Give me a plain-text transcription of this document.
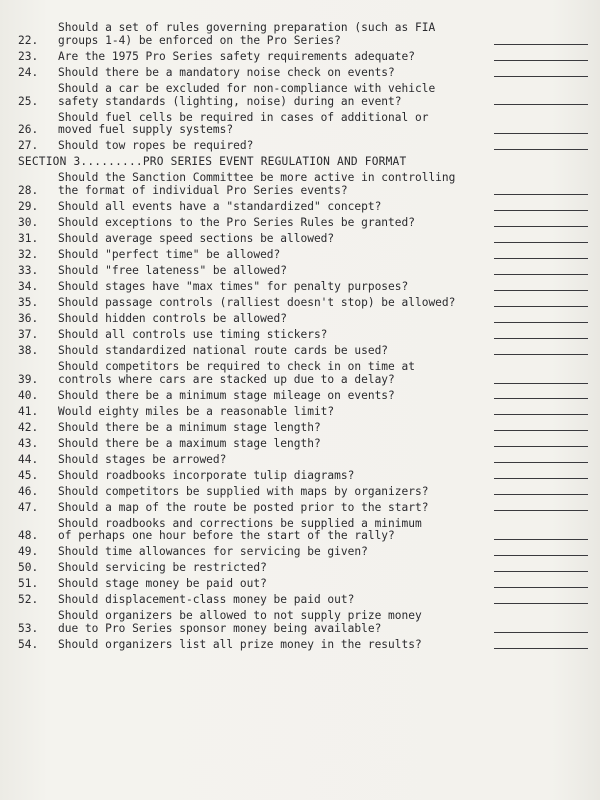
22.
Should a set of rules governing preparation (such as FIA
groups 1-4) be enforced on the Pro Series?
23.	Are the 1975 Pro Series safety requirements adequate?
24.	Should there be a mandatory noise check on events?
25.
Should a car be excluded for non-compliance with vehicle
safety standards (lighting, noise) during an event?
26.
Should fuel cells be required in cases of additional or
moved fuel supply systems?
27.	Should tow ropes be required?
SECTION 3.........PRO SERIES EVENT REGULATION AND FORMAT
28.
Should the Sanction Committee be more active in controlling
the format of individual Pro Series events?
29.	Should all events have a "standardized" concept?
30.	Should exceptions to the Pro Series Rules be granted?
31.	Should average speed sections be allowed?
32.	Should "perfect time" be allowed?
33.	Should "free lateness" be allowed?
34.	Should stages have "max times" for penalty purposes?
35.	Should passage controls (ralliest doesn't stop) be allowed?
36.	Should hidden controls be allowed?
37.	Should all controls use timing stickers?
38.	Should standardized national route cards be used?
39.
Should competitors be required to check in on time at
controls where cars are stacked up due to a delay?
40.	Should there be a minimum stage mileage on events?
41.	Would eighty miles be a reasonable limit?
42.	Should there be a minimum stage length?
43.	Should there be a maximum stage length?
44.	Should stages be arrowed?
45.	Should roadbooks incorporate tulip diagrams?
46.	Should competitors be supplied with maps by organizers?
47.	Should a map of the route be posted prior to the start?
48.
Should roadbooks and corrections be supplied a minimum
of perhaps one hour before the start of the rally?
49.	Should time allowances for servicing be given?
50.	Should servicing be restricted?
51.	Should stage money be paid out?
52.	Should displacement-class money be paid out?
53.
Should organizers be allowed to not supply prize money
due to Pro Series sponsor money being available?
54.	Should organizers list all prize money in the results?
